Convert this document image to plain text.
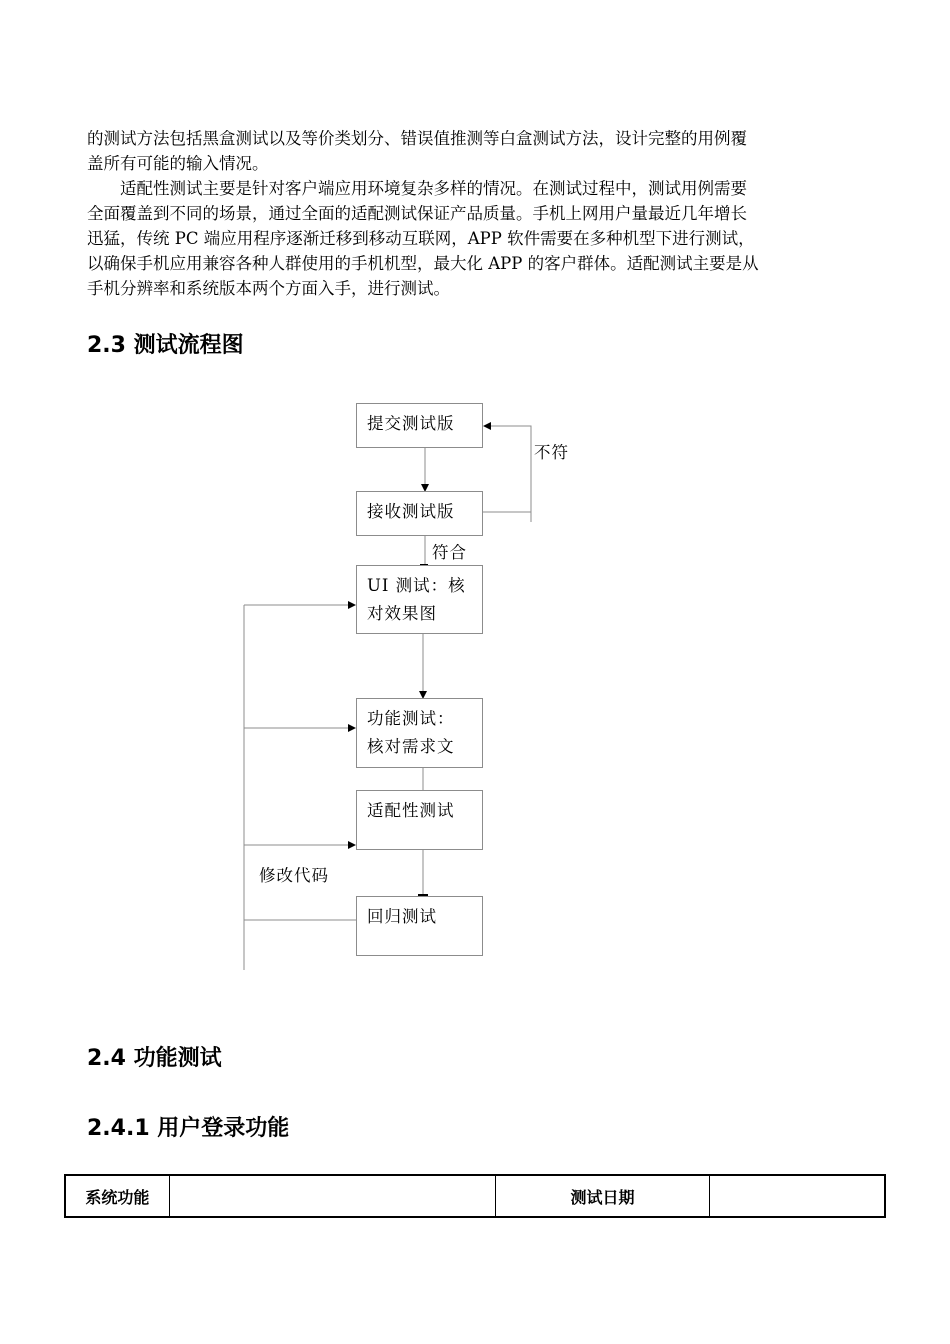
的测试方法包括黑盒测试以及等价类划分、错误值推测等白盒测试方法，设计完整的用例覆
盖所有可能的输入情况。
适配性测试主要是针对客户端应用环境复杂多样的情况。在测试过程中，测试用例需要
全面覆盖到不同的场景，通过全面的适配测试保证产品质量。手机上网用户量最近几年增长
迅猛，传统 PC 端应用程序逐渐迁移到移动互联网，APP 软件需要在多种机型下进行测试，
以确保手机应用兼容各种人群使用的手机机型，最大化 APP 的客户群体。适配测试主要是从
手机分辨率和系统版本两个方面入手，进行测试。
2.3 测试流程图
提交测试版
接收测试版
UI 测试：核
对效果图
功能测试：
核对需求文
适配性测试
回归测试
不符
符合
修改代码
2.4 功能测试
2.4.1 用户登录功能
系统功能		测试日期	
